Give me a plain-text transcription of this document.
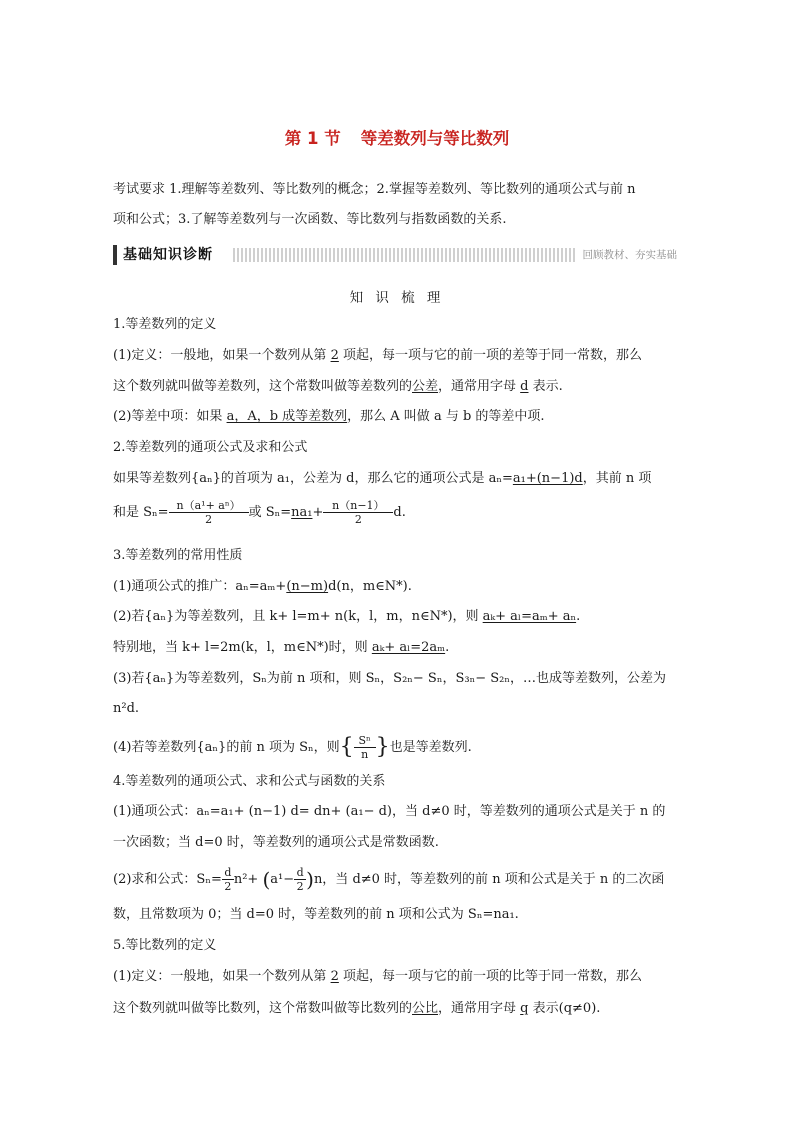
第 1 节 等差数列与等比数列
考试要求 1.理解等差数列、等比数列的概念；2.掌握等差数列、等比数列的通项公式与前 n
项和公式；3.了解等差数列与一次函数、等比数列与指数函数的关系.
基础知识诊断	回顾教材、夯实基础
知 识 梳 理
1.等差数列的定义
(1)定义：一般地，如果一个数列从第 2 项起，每一项与它的前一项的差等于同一常数，那么
这个数列就叫做等差数列，这个常数叫做等差数列的公差，通常用字母 d 表示.
(2)等差中项：如果 a，A，b 成等差数列，那么 A 叫做 a 与 b 的等差中项.
2.等差数列的通项公式及求和公式
如果等差数列{aₙ}的首项为 a₁，公差为 d，那么它的通项公式是 aₙ=a₁+(n−1)d，其前 n 项
和是 $S_n= \frac{\text{n（a¹+ aⁿ）}}{2}$ 或 $S_n=na_1+ \frac{n(n-1)}{2} d$.
3.等差数列的常用性质
(1)通项公式的推广：aₙ=aₘ+(n−m)d(n，m∈N*).
(2)若{aₙ}为等差数列，且 k+ l=m+ n(k，l，m，n∈N*)，则 aₖ+ aₗ=aₘ+ aₙ.
特别地，当 k+ l=2m(k，l，m∈N*)时，则 aₖ+ aₗ=2aₘ.
(3)若{aₙ}为等差数列，Sₙ为前 n 项和，则 Sₙ，S₂ₙ− Sₙ，S₃ₙ− S₂ₙ，…也成等差数列，公差为
n²d.
(4)若等差数列{aₙ}的前 n 项为 Sₙ，则{ $\frac{\text{Sⁿ}}{n}$ }也是等差数列.
4.等差数列的通项公式、求和公式与函数的关系
(1)通项公式：aₙ=a₁+ (n−1) d= dn+ (a₁− d)，当 d≠0 时，等差数列的通项公式是关于 n 的
一次函数；当 d=0 时，等差数列的通项公式是常数函数.
(2)求和公式：$S_n= \frac{d}{2} n^2+ (a^1- \frac{d}{2} )n$，当 d≠0 时，等差数列的前 n 项和公式是关于 n 的二次函
数，且常数项为 0；当 d=0 时，等差数列的前 n 项和公式为 Sₙ=na₁.
5.等比数列的定义
(1)定义：一般地，如果一个数列从第 2 项起，每一项与它的前一项的比等于同一常数，那么
这个数列就叫做等比数列，这个常数叫做等比数列的公比，通常用字母 q 表示(q≠0).
